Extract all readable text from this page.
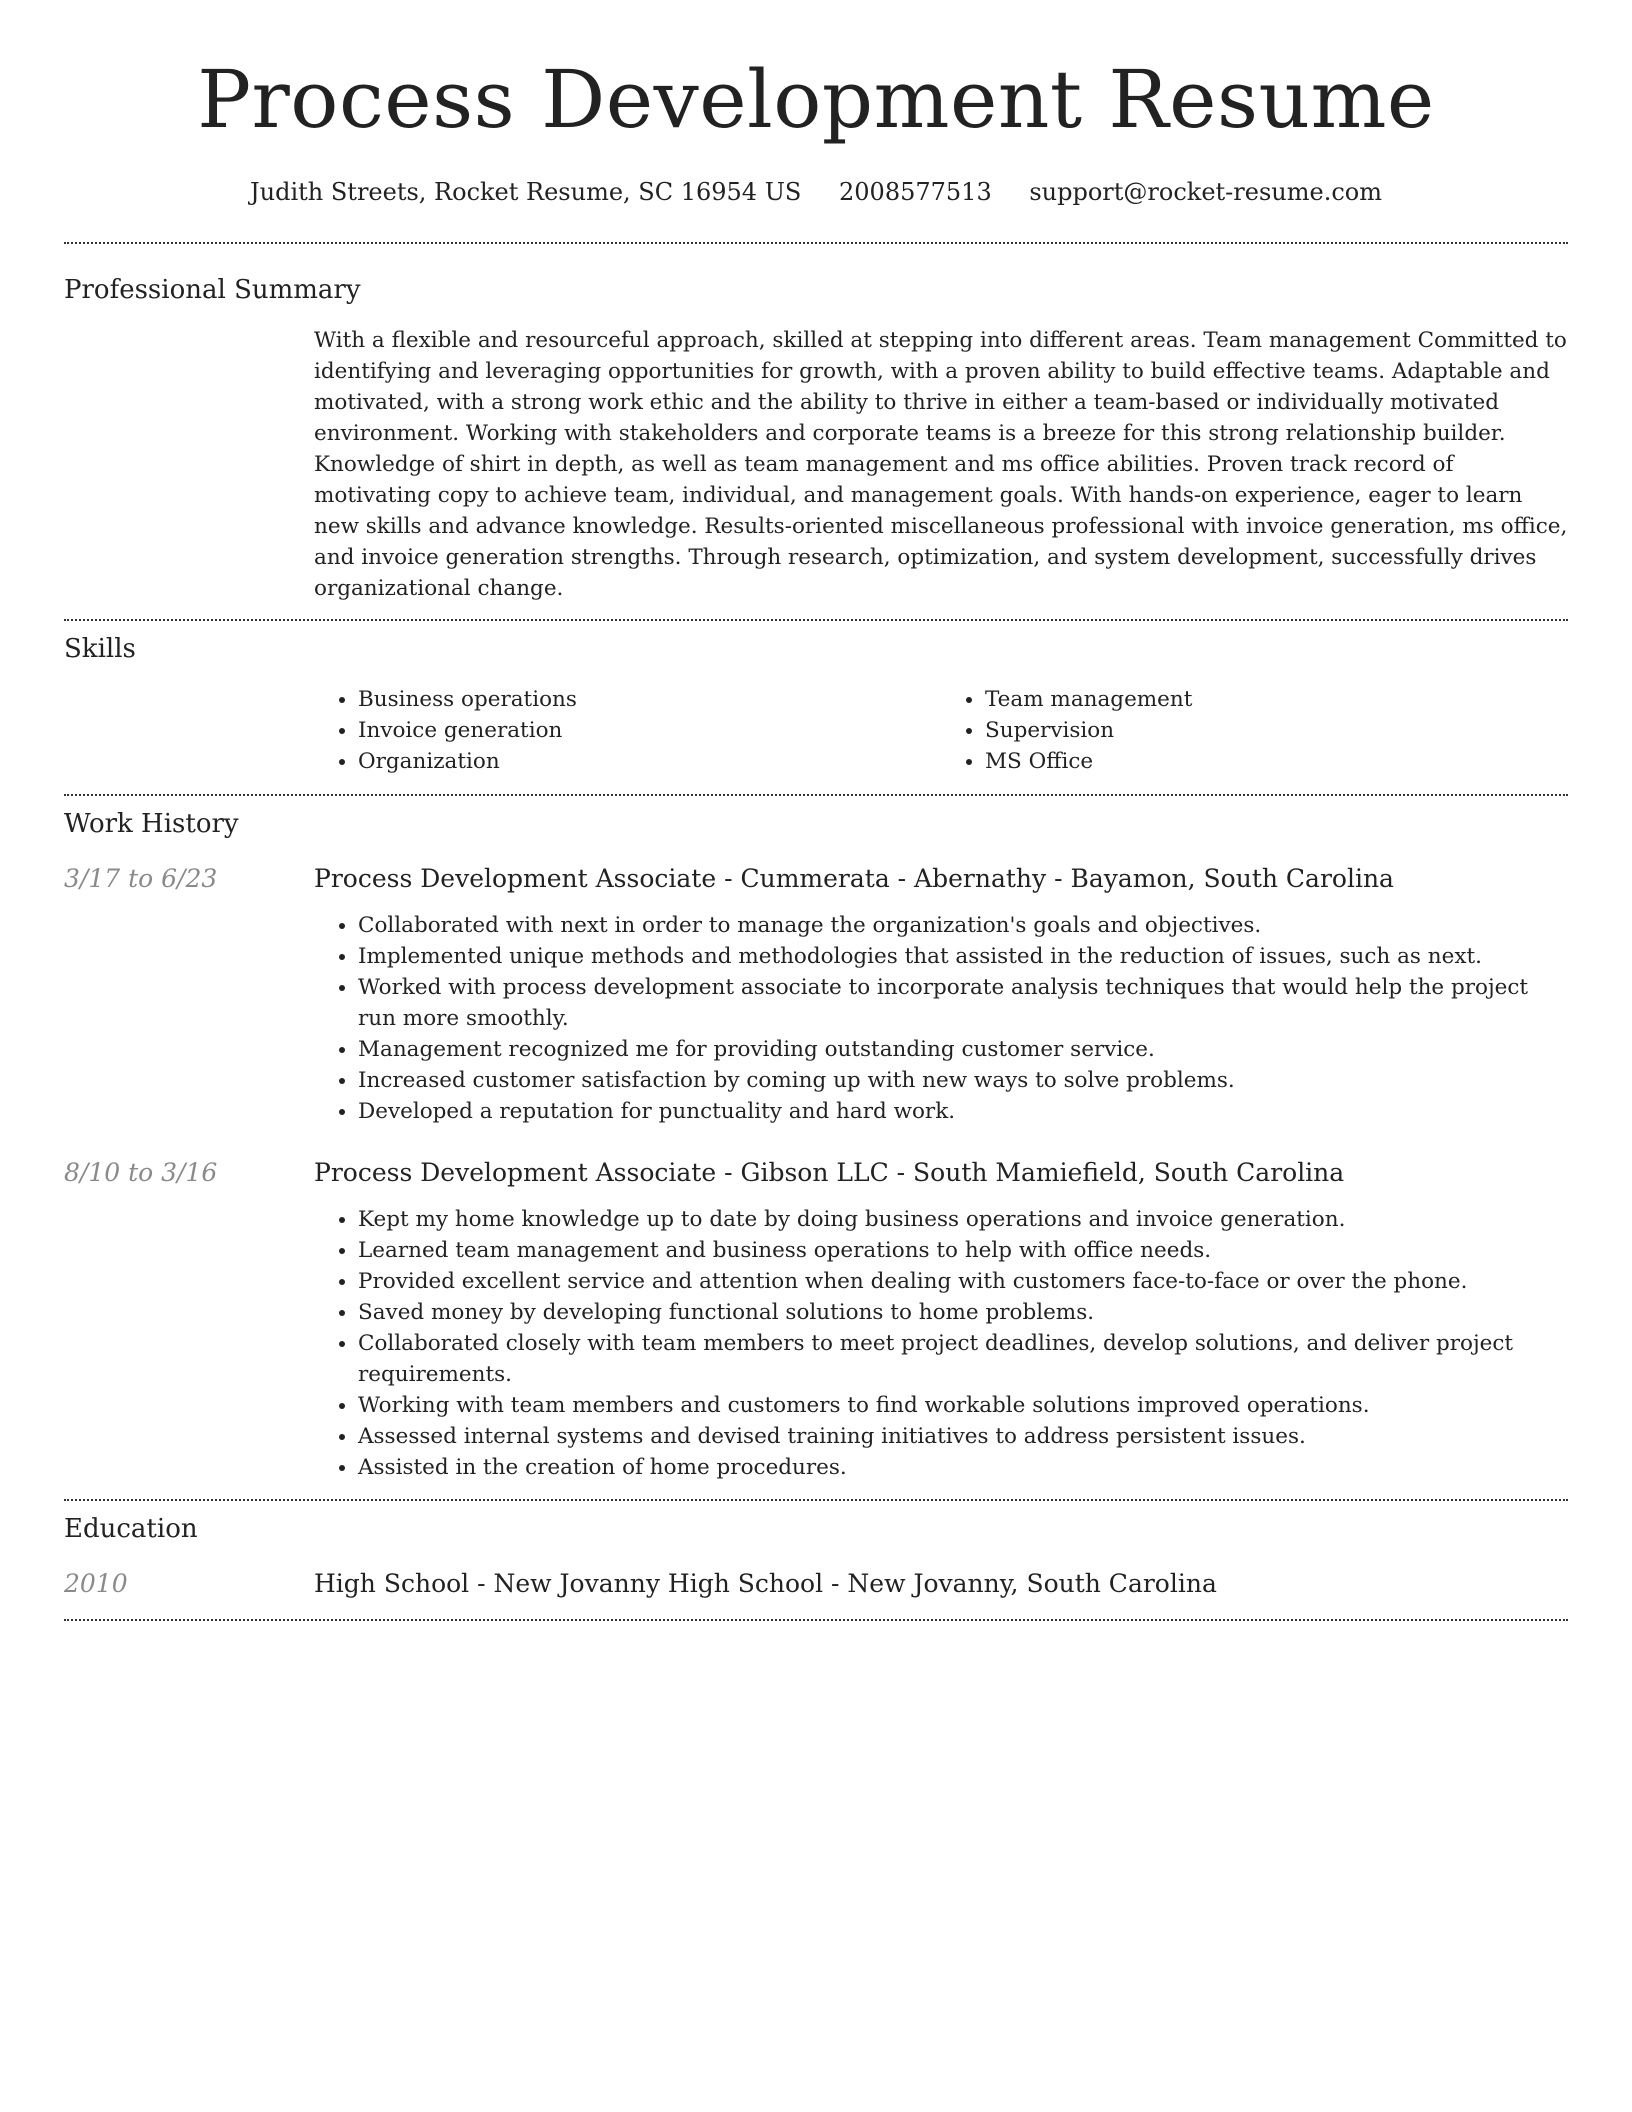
Process Development Resume
Judith Streets, Rocket Resume, SC 16954 US 2008577513 support@rocket-resume.com
Professional Summary

With a flexible and resourceful approach, skilled at stepping into different areas. Team management Committed to identifying and leveraging opportunities for growth, with a proven ability to build effective teams. Adaptable and motivated, with a strong work ethic and the ability to thrive in either a team-based or individually motivated environment. Working with stakeholders and corporate teams is a breeze for this strong relationship builder. Knowledge of shirt in depth, as well as team management and ms office abilities. Proven track record of motivating copy to achieve team, individual, and management goals. With hands-on experience, eager to learn new skills and advance knowledge. Results-oriented miscellaneous professional with invoice generation, ms office, and invoice generation strengths. Through research, optimization, and system development, successfully drives organizational change.

Skills
• Business operations
• Invoice generation
• Organization
• Team management
• Supervision
• MS Office
Work History
3/17 to 6/23	Process Development Associate - Cummerata - Abernathy - Bayamon, South Carolina

• Collaborated with next in order to manage the organization's goals and objectives.
• Implemented unique methods and methodologies that assisted in the reduction of issues, such as next.
• Worked with process development associate to incorporate analysis techniques that would help the project run more smoothly.
• Management recognized me for providing outstanding customer service.
• Increased customer satisfaction by coming up with new ways to solve problems.
• Developed a reputation for punctuality and hard work.
8/10 to 3/16	Process Development Associate - Gibson LLC - South Mamiefield, South Carolina

• Kept my home knowledge up to date by doing business operations and invoice generation.
• Learned team management and business operations to help with office needs.
• Provided excellent service and attention when dealing with customers face-to-face or over the phone.
• Saved money by developing functional solutions to home problems.
• Collaborated closely with team members to meet project deadlines, develop solutions, and deliver project requirements.
• Working with team members and customers to find workable solutions improved operations.
• Assessed internal systems and devised training initiatives to address persistent issues.
• Assisted in the creation of home procedures.
Education
2010	High School - New Jovanny High School - New Jovanny, South Carolina
